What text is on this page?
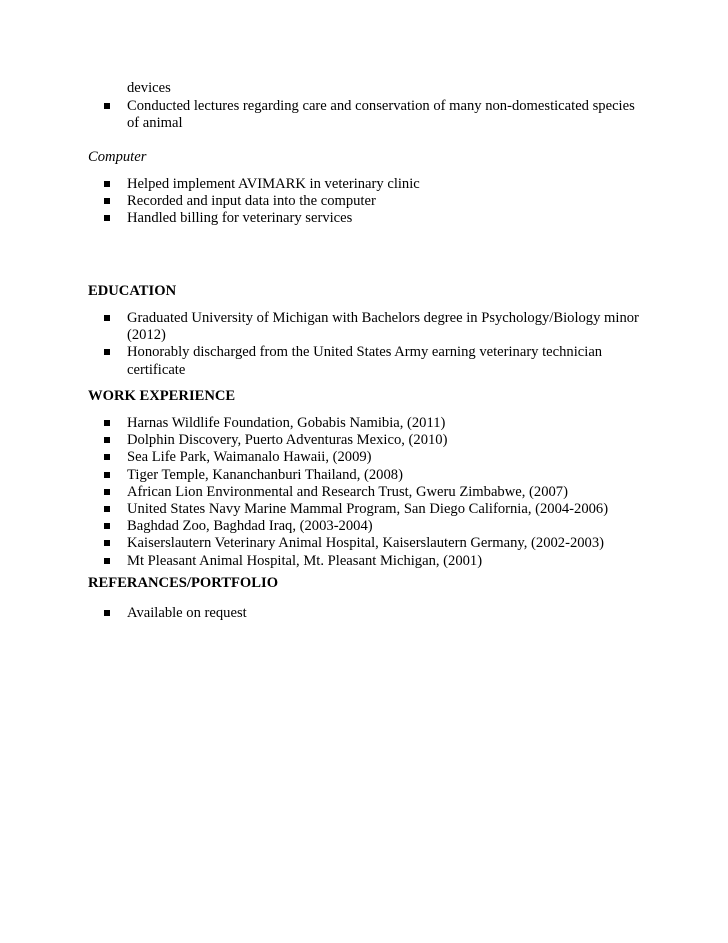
devices

Conducted lectures regarding care and conservation of many non-domesticated species of animal

Computer

Helped implement AVIMARK in veterinary clinic
Recorded and input data into the computer
Handled billing for veterinary services

EDUCATION

Graduated University of Michigan with Bachelors degree in Psychology/Biology minor (2012)
Honorably discharged from the United States Army earning veterinary technician certificate

WORK EXPERIENCE

Harnas Wildlife Foundation, Gobabis Namibia, (2011)
Dolphin Discovery, Puerto Adventuras Mexico, (2010)
Sea Life Park, Waimanalo Hawaii, (2009)
Tiger Temple, Kananchanburi Thailand, (2008)
African Lion Environmental and Research Trust, Gweru Zimbabwe, (2007)
United States Navy Marine Mammal Program, San Diego California, (2004-2006)
Baghdad Zoo, Baghdad Iraq, (2003-2004)
Kaiserslautern Veterinary Animal Hospital, Kaiserslautern Germany, (2002-2003)
Mt Pleasant Animal Hospital, Mt. Pleasant Michigan, (2001)

REFERANCES/PORTFOLIO

Available on request
